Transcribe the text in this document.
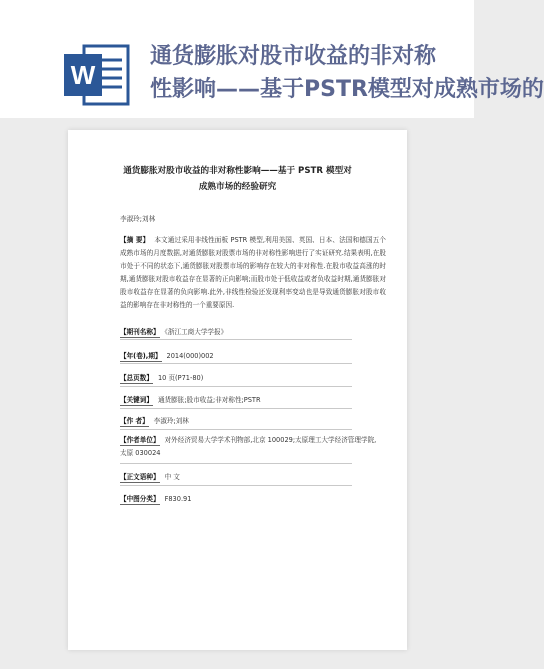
W
通货膨胀对股市收益的非对称
性影响——基于PSTR模型对成熟市场的
通货膨胀对股市收益的非对称性影响——基于 PSTR 模型对
成熟市场的经验研究
李淑玲;刘林
【摘 要】 本文通过采用非线性面板 PSTR 模型,利用美国、英国、日本、法国和德国五个成熟市场的月度数据,对通货膨胀对股票市场的非对称性影响进行了实证研究.结果表明,在股市处于不同的状态下,通货膨胀对股票市场的影响存在较大的非对称性.在股市收益高涨的时期,通货膨胀对股市收益存在显著的正向影响;而股市处于低收益或者负收益时期,通货膨胀对股市收益存在显著的负向影响.此外,非线性检验还发现利率变动也是导致通货膨胀对股市收益的影响存在非对称性的一个重要原因.
【期刊名称】 《浙江工商大学学报》
【年(卷),期】 2014(000)002
【总页数】 10 页(P71-80)
【关键词】 通货膨胀;股市收益;非对称性;PSTR
【作 者】 李淑玲;刘林
【作者单位】 对外经济贸易大学学术刊物部,北京 100029;太原理工大学经济管理学院,太原 030024
【正文语种】 中 文
【中图分类】 F830.91
